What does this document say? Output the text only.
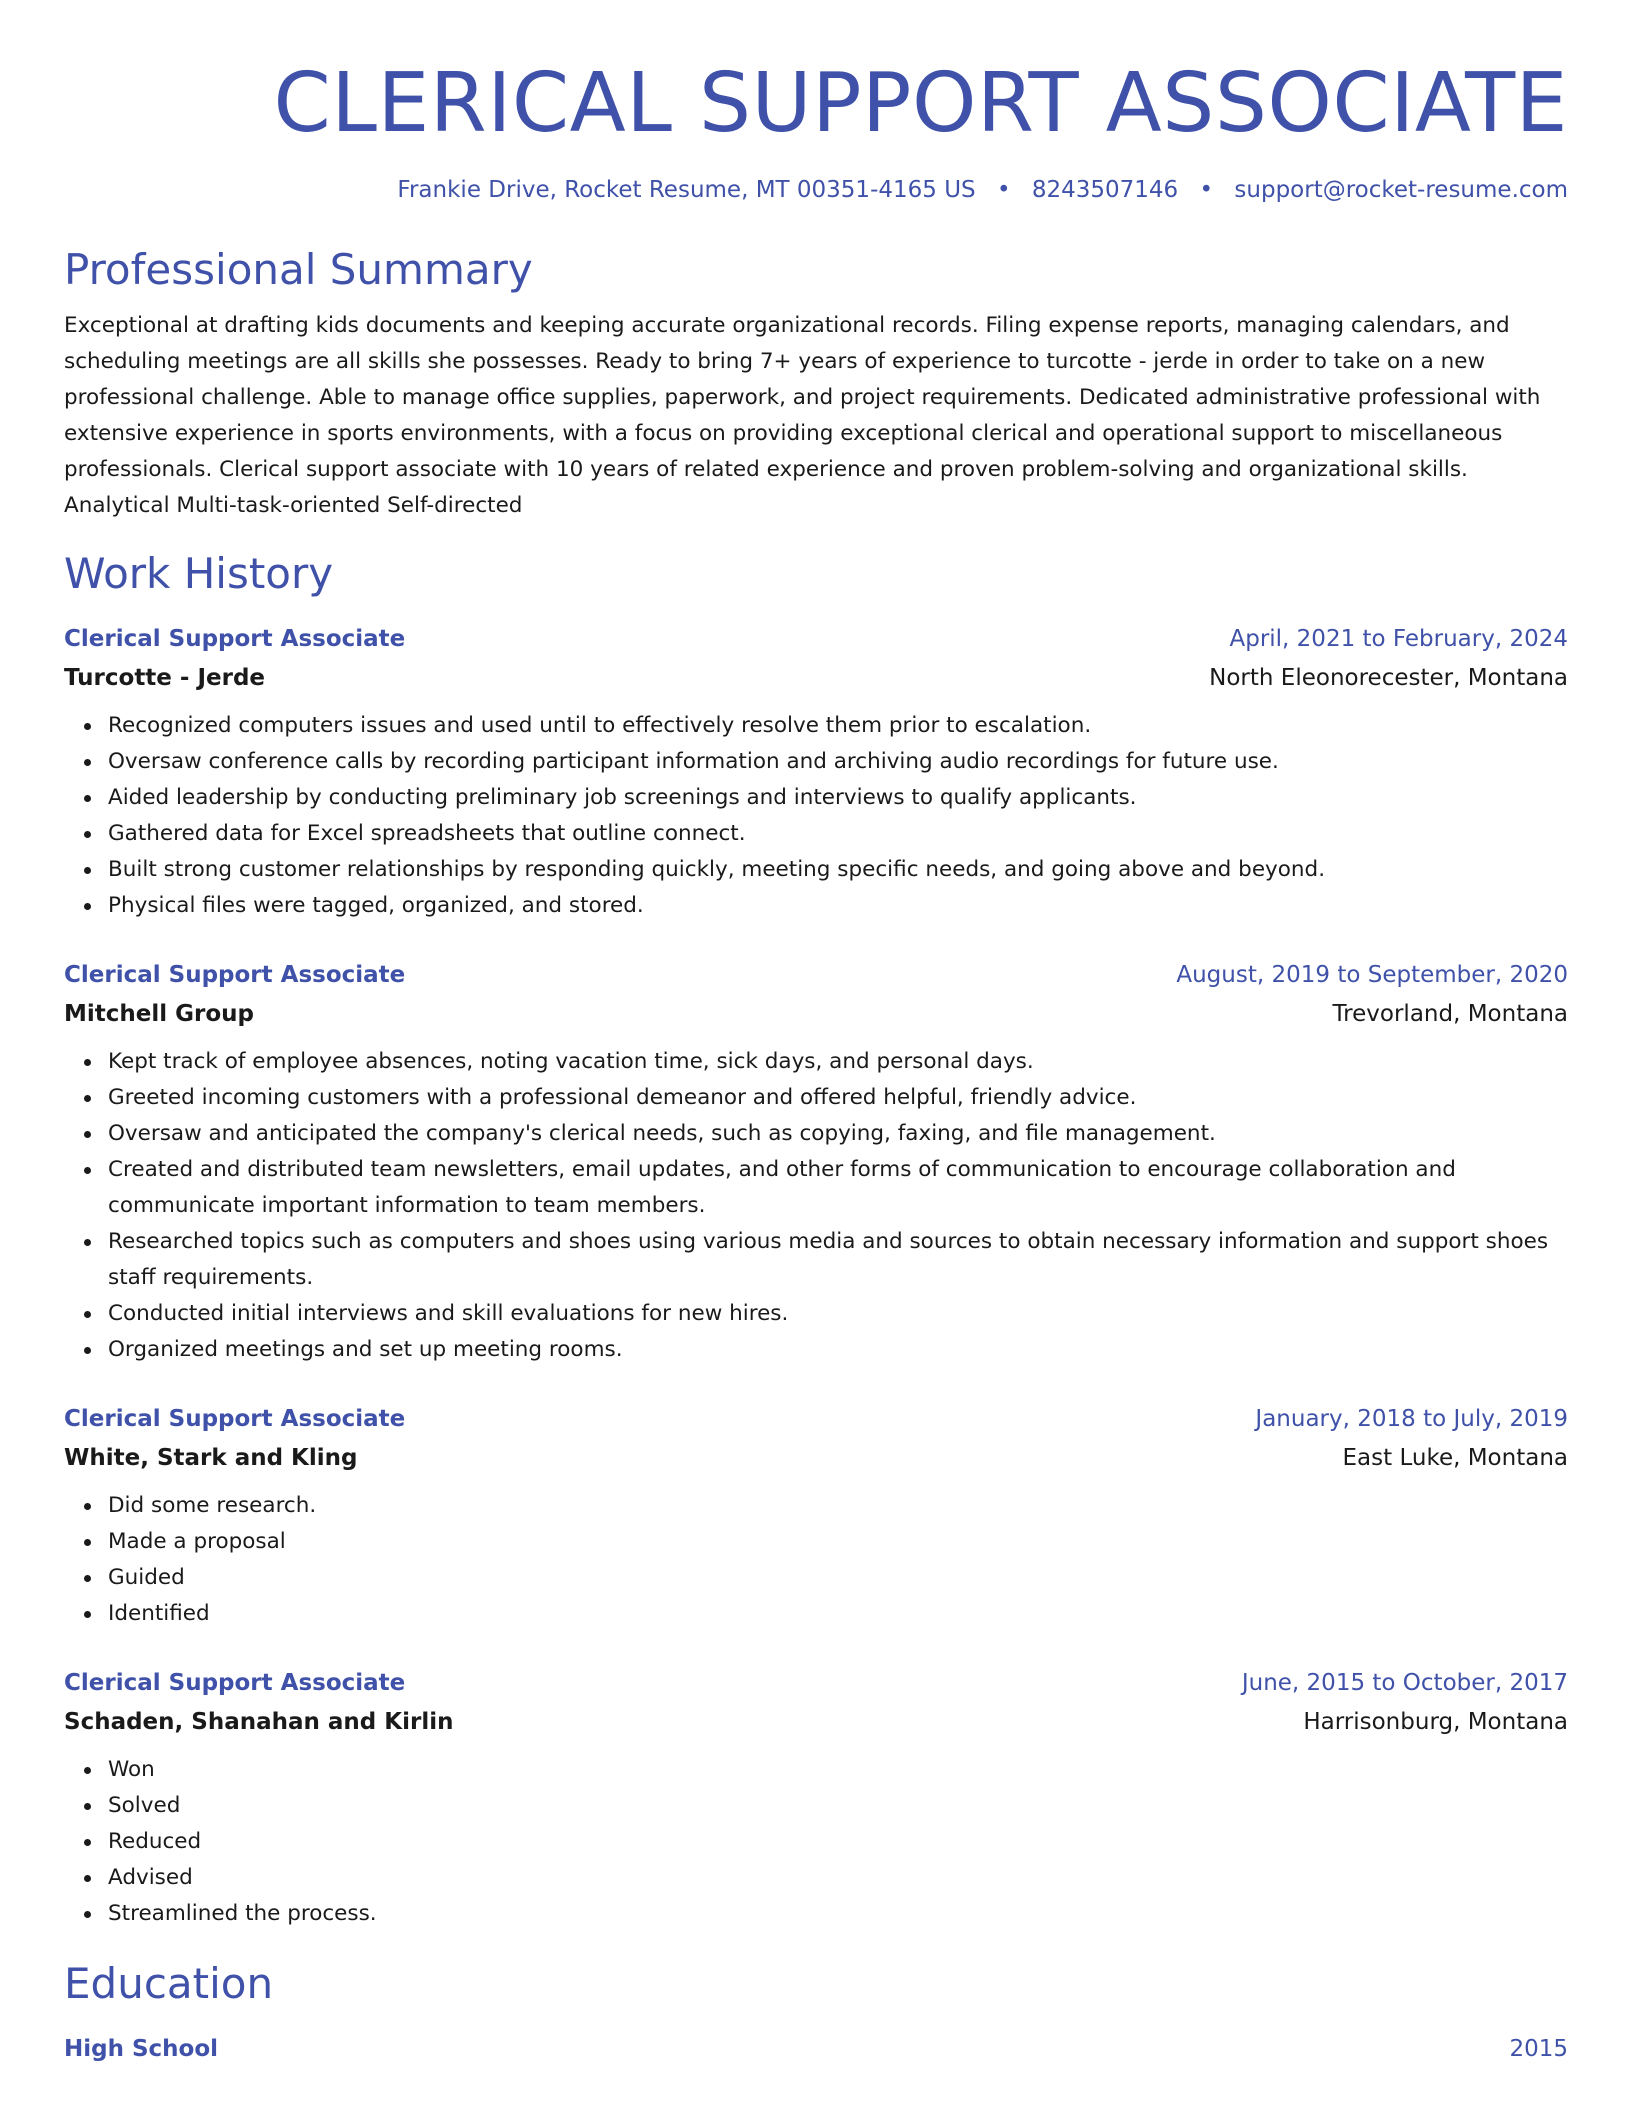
CLERICAL SUPPORT ASSOCIATE
Frankie Drive, Rocket Resume, MT 00351-4165 US • 8243507146 • support@rocket-resume.com
Professional Summary
Exceptional at drafting kids documents and keeping accurate organizational records. Filing expense reports, managing calendars, and scheduling meetings are all skills she possesses. Ready to bring 7+ years of experience to turcotte - jerde in order to take on a new professional challenge. Able to manage office supplies, paperwork, and project requirements. Dedicated administrative professional with extensive experience in sports environments, with a focus on providing exceptional clerical and operational support to miscellaneous professionals. Clerical support associate with 10 years of related experience and proven problem-solving and organizational skills. Analytical Multi-task-oriented Self-directed
Work History
Clerical Support Associate	April, 2021 to February, 2024
Turcotte - Jerde	North Eleonorecester, Montana
Recognized computers issues and used until to effectively resolve them prior to escalation.
Oversaw conference calls by recording participant information and archiving audio recordings for future use.
Aided leadership by conducting preliminary job screenings and interviews to qualify applicants.
Gathered data for Excel spreadsheets that outline connect.
Built strong customer relationships by responding quickly, meeting specific needs, and going above and beyond.
Physical files were tagged, organized, and stored.
Clerical Support Associate	August, 2019 to September, 2020
Mitchell Group	Trevorland, Montana
Kept track of employee absences, noting vacation time, sick days, and personal days.
Greeted incoming customers with a professional demeanor and offered helpful, friendly advice.
Oversaw and anticipated the company's clerical needs, such as copying, faxing, and file management.
Created and distributed team newsletters, email updates, and other forms of communication to encourage collaboration and communicate important information to team members.
Researched topics such as computers and shoes using various media and sources to obtain necessary information and support shoes staff requirements.
Conducted initial interviews and skill evaluations for new hires.
Organized meetings and set up meeting rooms.
Clerical Support Associate	January, 2018 to July, 2019
White, Stark and Kling	East Luke, Montana
Did some research.
Made a proposal
Guided
Identified
Clerical Support Associate	June, 2015 to October, 2017
Schaden, Shanahan and Kirlin	Harrisonburg, Montana
Won
Solved
Reduced
Advised
Streamlined the process.
Education
High School	2015
